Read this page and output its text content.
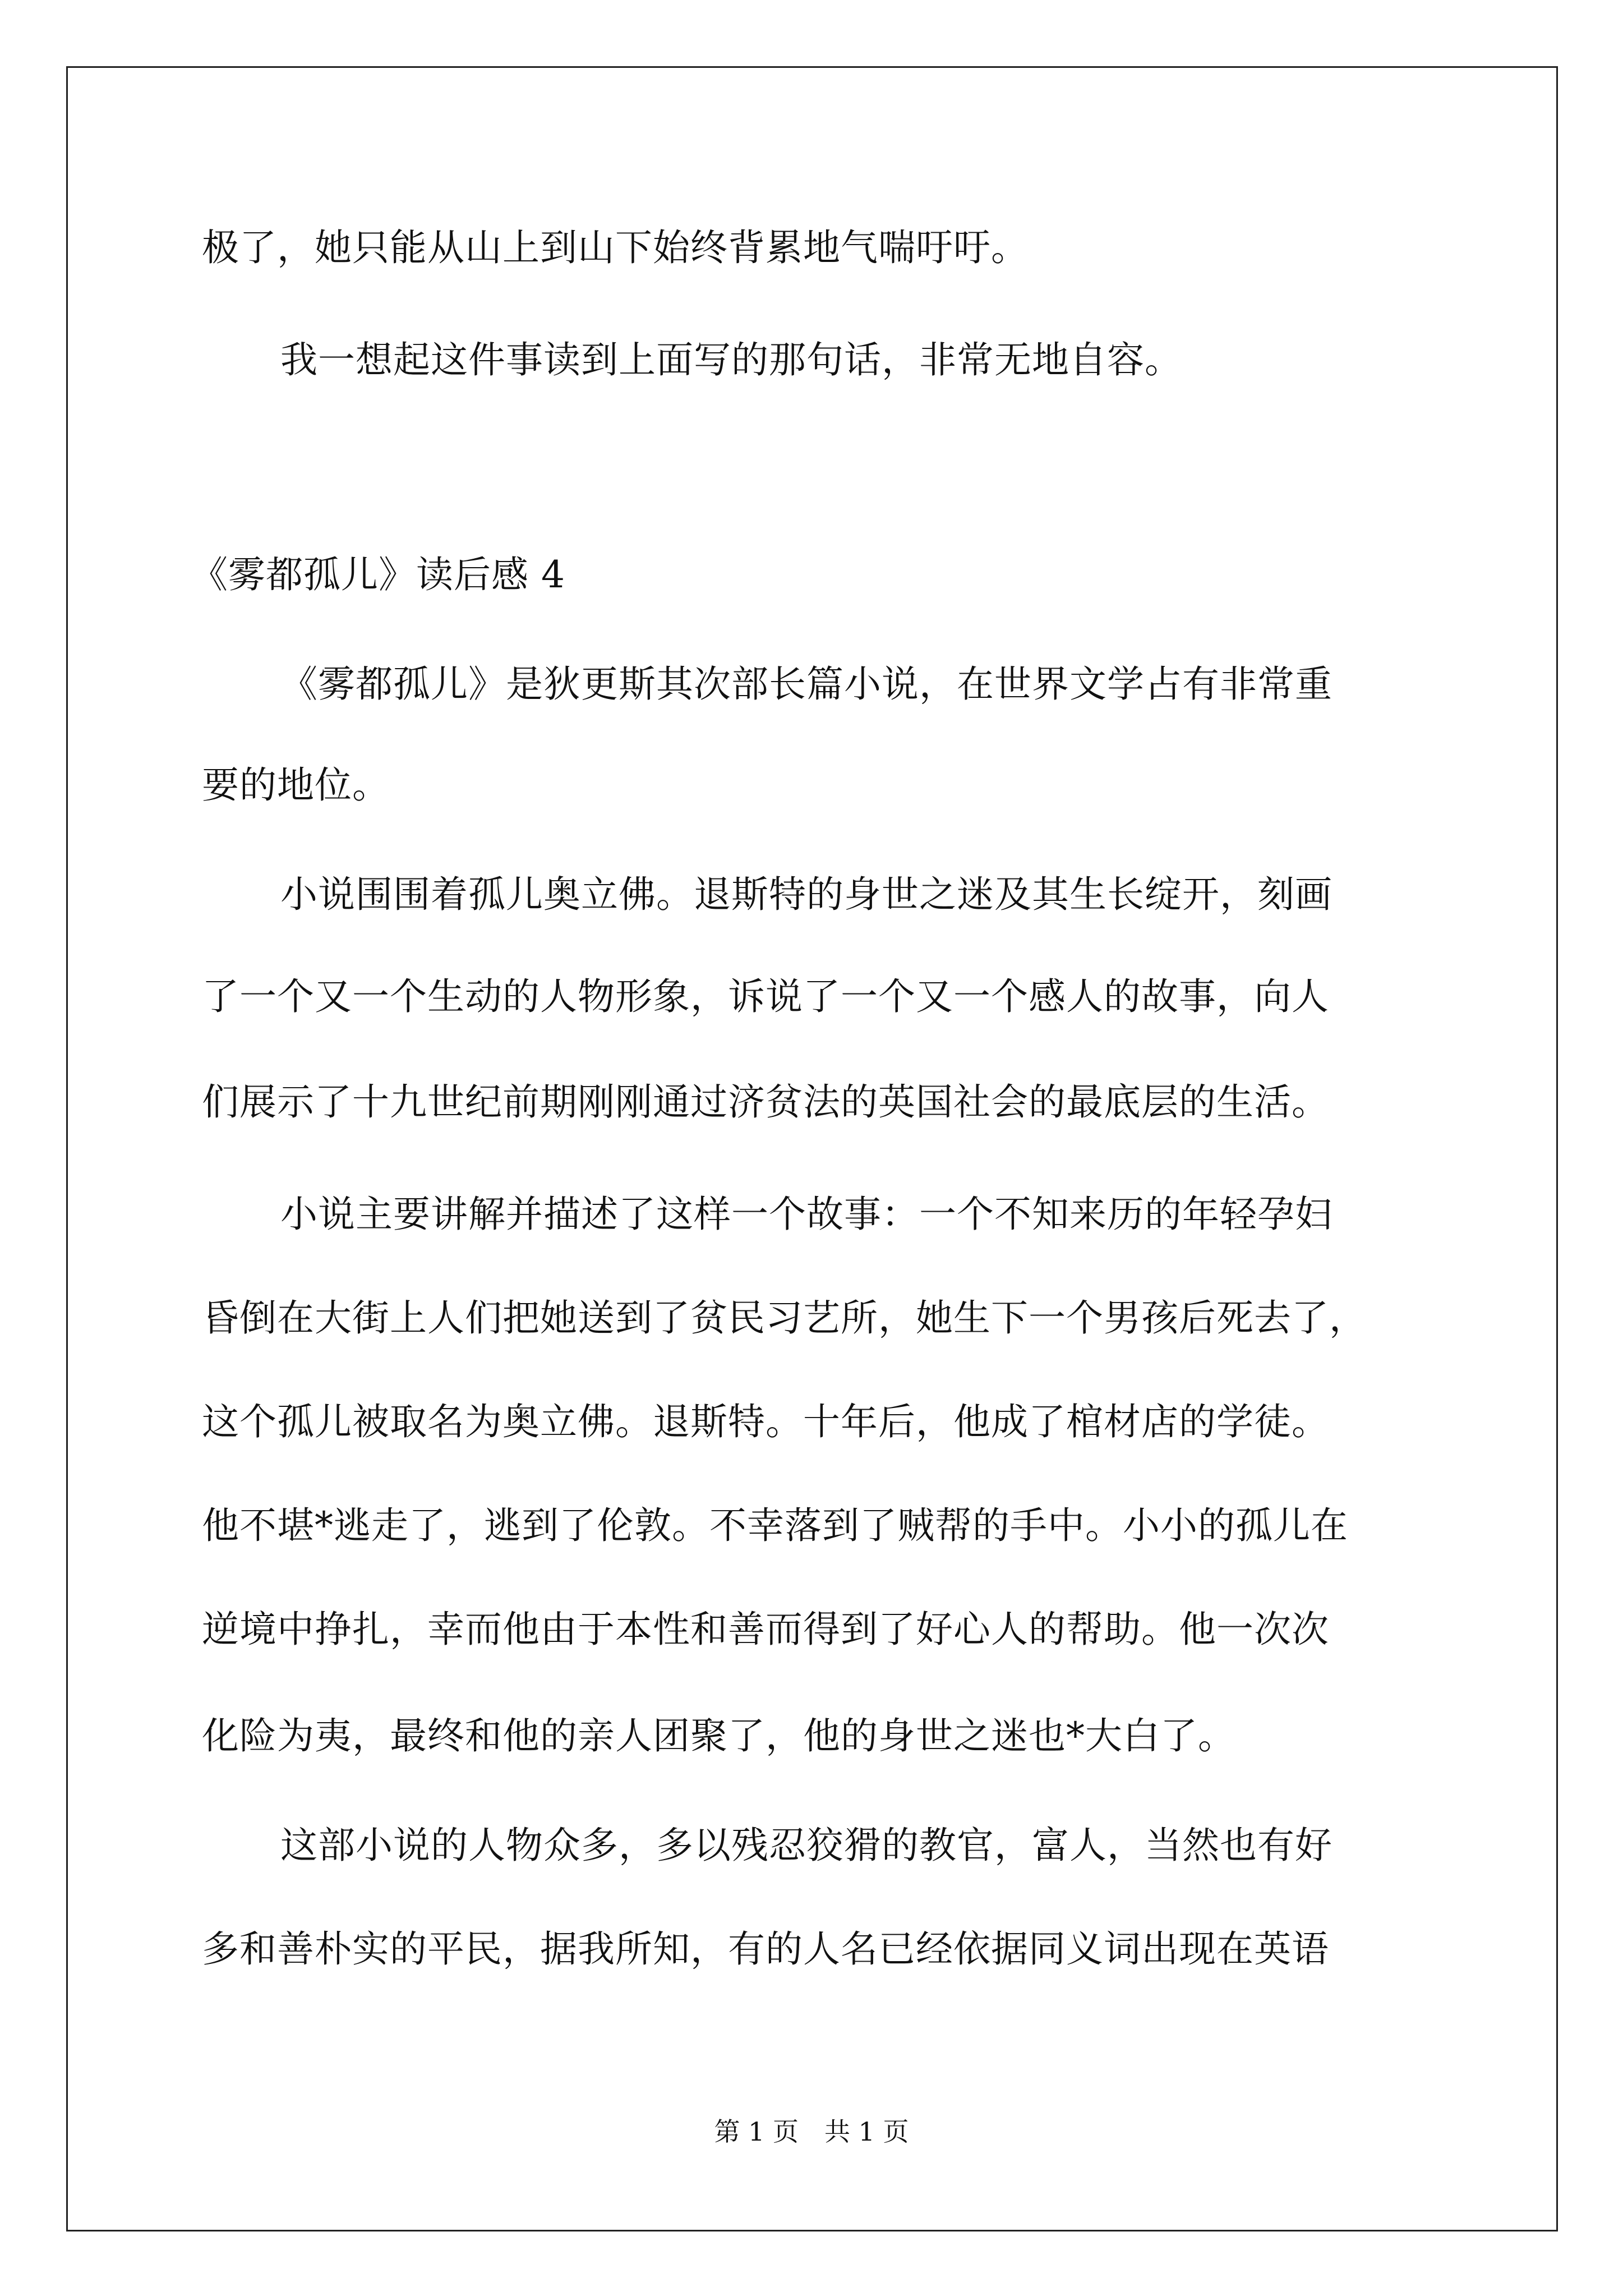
极了，她只能从山上到山下始终背累地气喘吁吁。
我一想起这件事读到上面写的那句话，非常无地自容。
《雾都孤儿》读后感 4
《雾都孤儿》是狄更斯其次部长篇小说，在世界文学占有非常重
要的地位。
小说围围着孤儿奥立佛。退斯特的身世之迷及其生长绽开，刻画
了一个又一个生动的人物形象，诉说了一个又一个感人的故事，向人
们展示了十九世纪前期刚刚通过济贫法的英国社会的最底层的生活。
小说主要讲解并描述了这样一个故事：一个不知来历的年轻孕妇
昏倒在大街上人们把她送到了贫民习艺所，她生下一个男孩后死去了，
这个孤儿被取名为奥立佛。退斯特。十年后，他成了棺材店的学徒。
他不堪*逃走了，逃到了伦敦。不幸落到了贼帮的手中。小小的孤儿在
逆境中挣扎，幸而他由于本性和善而得到了好心人的帮助。他一次次
化险为夷，最终和他的亲人团聚了，他的身世之迷也*大白了。
这部小说的人物众多，多以残忍狡猾的教官，富人，当然也有好
多和善朴实的平民，据我所知，有的人名已经依据同义词出现在英语
第 1 页　共 1 页
